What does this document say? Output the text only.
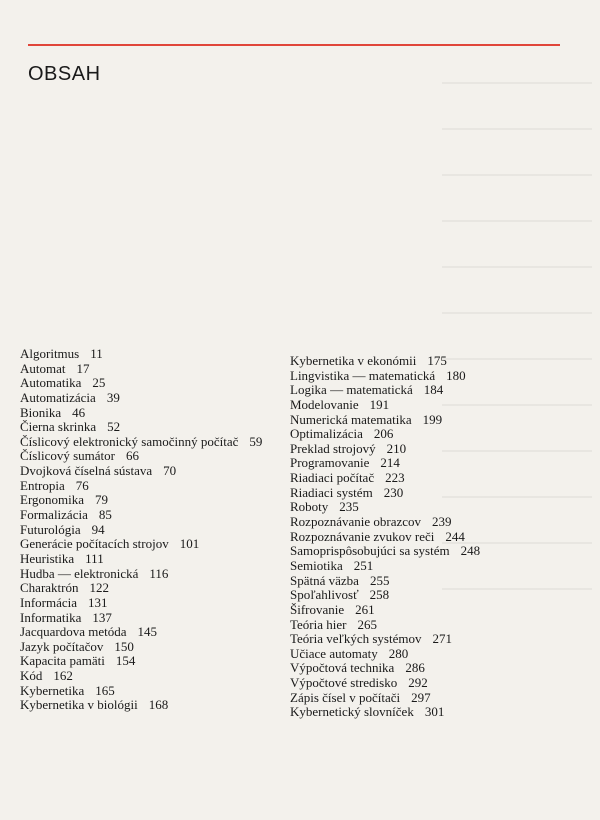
OBSAH
Algoritmus 11
Automat 17
Automatika 25
Automatizácia 39
Bionika 46
Čierna skrinka 52
Číslicový elektronický samočinný počítač 59
Číslicový sumátor 66
Dvojková číselná sústava 70
Entropia 76
Ergonomika 79
Formalizácia 85
Futurológia 94
Generácie počítacích strojov 101
Heuristika 111
Hudba — elektronická 116
Charaktrón 122
Informácia 131
Informatika 137
Jacquardova metóda 145
Jazyk počítačov 150
Kapacita pamäti 154
Kód 162
Kybernetika 165
Kybernetika v biológii 168
Kybernetika v ekonómii 175
Lingvistika — matematická 180
Logika — matematická 184
Modelovanie 191
Numerická matematika 199
Optimalizácia 206
Preklad strojový 210
Programovanie 214
Riadiaci počítač 223
Riadiaci systém 230
Roboty 235
Rozpoznávanie obrazcov 239
Rozpoznávanie zvukov reči 244
Samoprispôsobujúci sa systém 248
Semiotika 251
Spätná väzba 255
Spoľahlivosť 258
Šifrovanie 261
Teória hier 265
Teória veľkých systémov 271
Učiace automaty 280
Výpočtová technika 286
Výpočtové stredisko 292
Zápis čísel v počítači 297
Kybernetický slovníček 301
